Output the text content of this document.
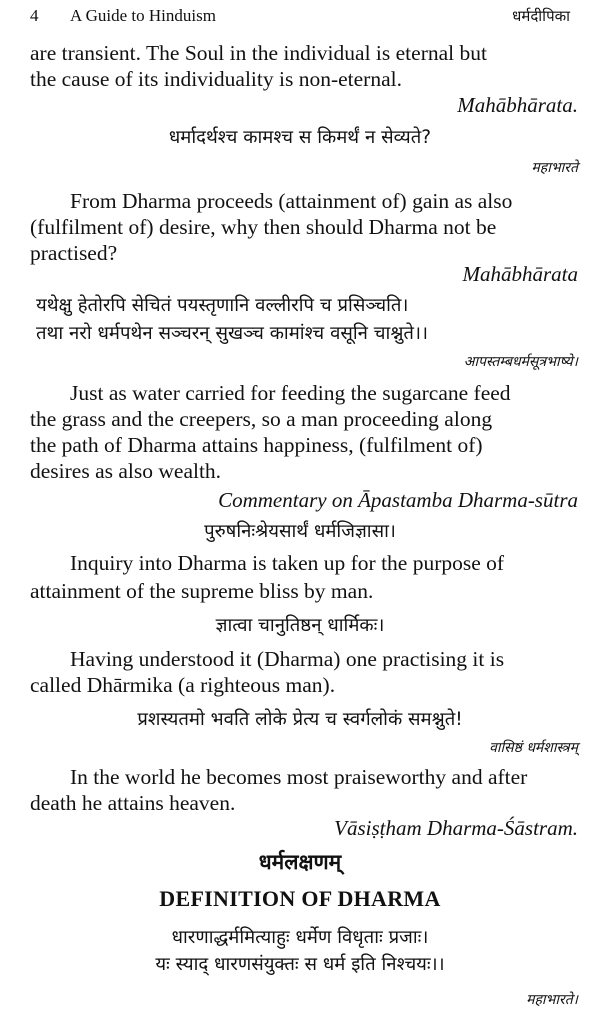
4 A Guide to Hinduism	धर्मदीपिका
are transient. The Soul in the individual is eternal but
the cause of its individuality is non-eternal.
Mahābhārata.
धर्मादर्थश्च कामश्च स किमर्थं न सेव्यते?
महाभारते
From Dharma proceeds (attainment of) gain as also
(fulfilment of) desire, why then should Dharma not be
practised?
Mahābhārata
यथेक्षु हेतोरपि सेचितं पयस्तृणानि वल्लीरपि च प्रसिञ्चति।
तथा नरो धर्मपथेन सञ्चरन् सुखञ्च कामांश्च वसूनि चाश्नुते।।
आपस्तम्बधर्मसूत्रभाष्ये।
Just as water carried for feeding the sugarcane feed
the grass and the creepers, so a man proceeding along
the path of Dharma attains happiness, (fulfilment of)
desires as also wealth.
Commentary on Āpastamba Dharma-sūtra
पुरुषनिःश्रेयसार्थं धर्मजिज्ञासा।
Inquiry into Dharma is taken up for the purpose of
attainment of the supreme bliss by man.
ज्ञात्वा चानुतिष्ठन् धार्मिकः।
Having understood it (Dharma) one practising it is
called Dhārmika (a righteous man).
प्रशस्यतमो भवति लोके प्रेत्य च स्वर्गलोकं समश्नुते!
वासिष्ठं धर्मशास्त्रम्
In the world he becomes most praiseworthy and after
death he attains heaven.
Vāsiṣṭham Dharma-Śāstram.
धर्मलक्षणम्
DEFINITION OF DHARMA
धारणाद्धर्ममित्याहुः धर्मेण विधृताः प्रजाः।
यः स्याद् धारणसंयुक्तः स धर्म इति निश्चयः।।
महाभारते।
